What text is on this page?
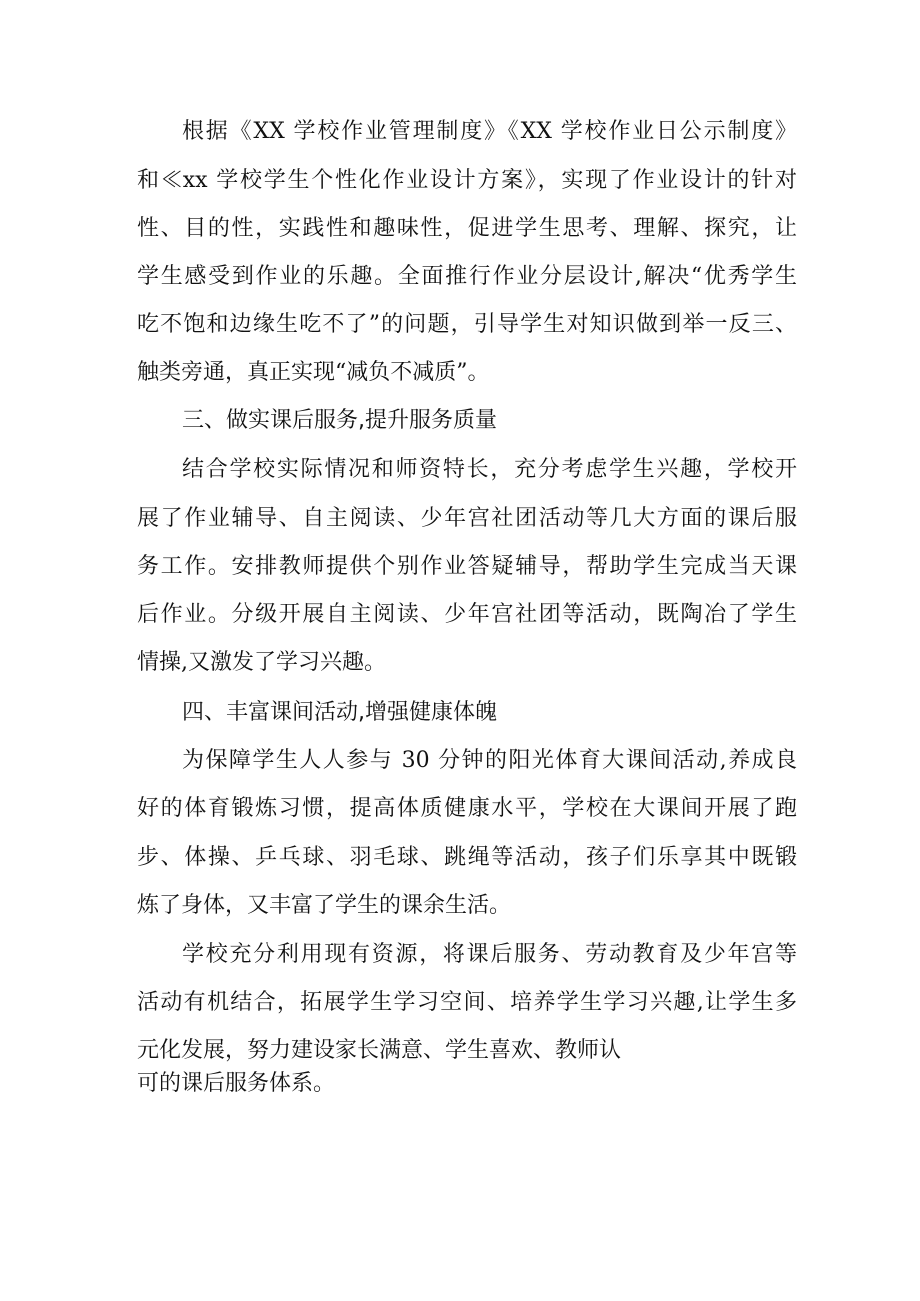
根据《XX 学校作业管理制度》《XX 学校作业日公示制度》
和≪xx 学校学生个性化作业设计方案》，实现了作业设计的针对
性、目的性，实践性和趣味性，促进学生思考、理解、探究，让
学生感受到作业的乐趣。全面推行作业分层设计,解决“优秀学生
吃不饱和边缘生吃不了”的问题，引导学生对知识做到举一反三、
触类旁通，真正实现“减负不减质”。
三、做实课后服务,提升服务质量
结合学校实际情况和师资特长，充分考虑学生兴趣，学校开
展了作业辅导、自主阅读、少年宫社团活动等几大方面的课后服
务工作。安排教师提供个别作业答疑辅导，帮助学生完成当天课
后作业。分级开展自主阅读、少年宫社团等活动，既陶冶了学生
情操,又激发了学习兴趣。
四、丰富课间活动,增强健康体魄
为保障学生人人参与 30 分钟的阳光体育大课间活动,养成良
好的体育锻炼习惯，提高体质健康水平，学校在大课间开展了跑
步、体操、乒乓球、羽毛球、跳绳等活动，孩子们乐享其中既锻
炼了身体，又丰富了学生的课余生活。
学校充分利用现有资源，将课后服务、劳动教育及少年宫等
活动有机结合，拓展学生学习空间、培养学生学习兴趣,让学生多
元化发展，努力建设家长满意、学生喜欢、教师认
可的课后服务体系。
